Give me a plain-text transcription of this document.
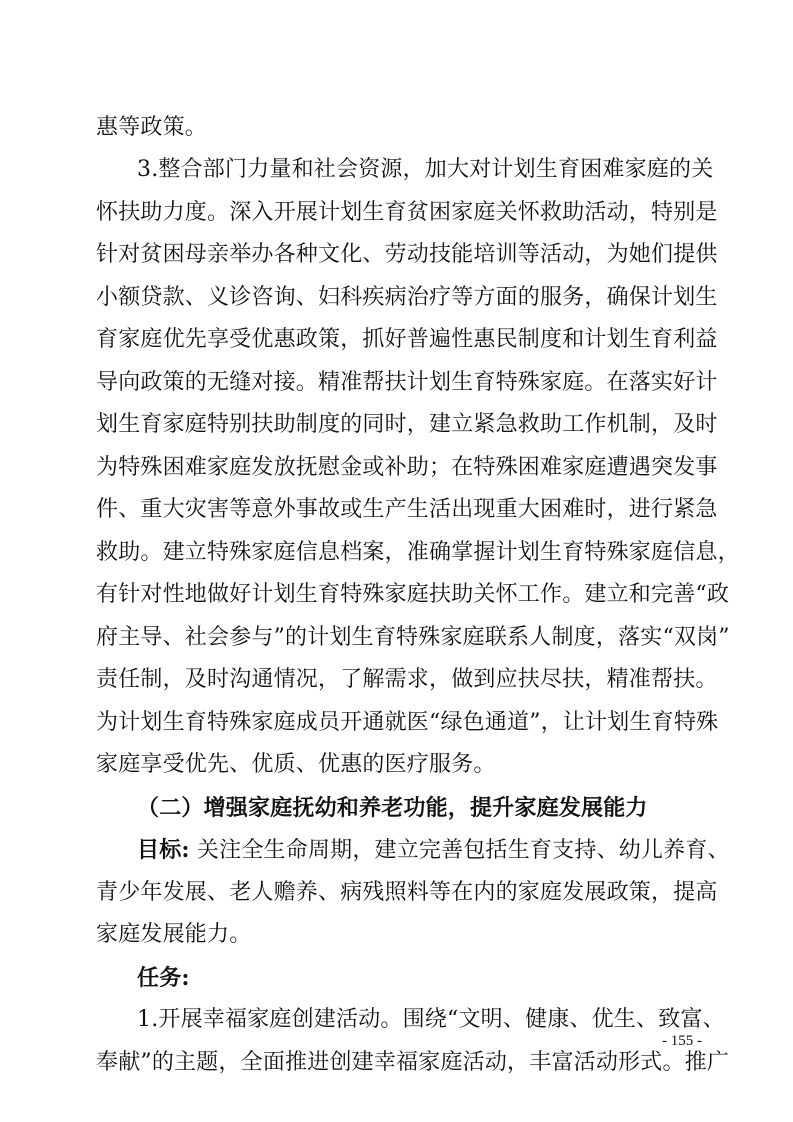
惠等政策。
3.整合部门力量和社会资源，加大对计划生育困难家庭的关
怀扶助力度。深入开展计划生育贫困家庭关怀救助活动，特别是
针对贫困母亲举办各种文化、劳动技能培训等活动，为她们提供
小额贷款、义诊咨询、妇科疾病治疗等方面的服务，确保计划生
育家庭优先享受优惠政策，抓好普遍性惠民制度和计划生育利益
导向政策的无缝对接。精准帮扶计划生育特殊家庭。在落实好计
划生育家庭特别扶助制度的同时，建立紧急救助工作机制，及时
为特殊困难家庭发放抚慰金或补助；在特殊困难家庭遭遇突发事
件、重大灾害等意外事故或生产生活出现重大困难时，进行紧急
救助。建立特殊家庭信息档案，准确掌握计划生育特殊家庭信息，
有针对性地做好计划生育特殊家庭扶助关怀工作。建立和完善“政
府主导、社会参与”的计划生育特殊家庭联系人制度，落实“双岗”
责任制，及时沟通情况，了解需求，做到应扶尽扶，精准帮扶。
为计划生育特殊家庭成员开通就医“绿色通道”，让计划生育特殊
家庭享受优先、优质、优惠的医疗服务。
（二）增强家庭抚幼和养老功能，提升家庭发展能力
目标: 关注全生命周期，建立完善包括生育支持、幼儿养育、
青少年发展、老人赡养、病残照料等在内的家庭发展政策，提高
家庭发展能力。
任务:
1.开展幸福家庭创建活动。围绕“文明、健康、优生、致富、
奉献”的主题，全面推进创建幸福家庭活动，丰富活动形式。推广
- 155 -
